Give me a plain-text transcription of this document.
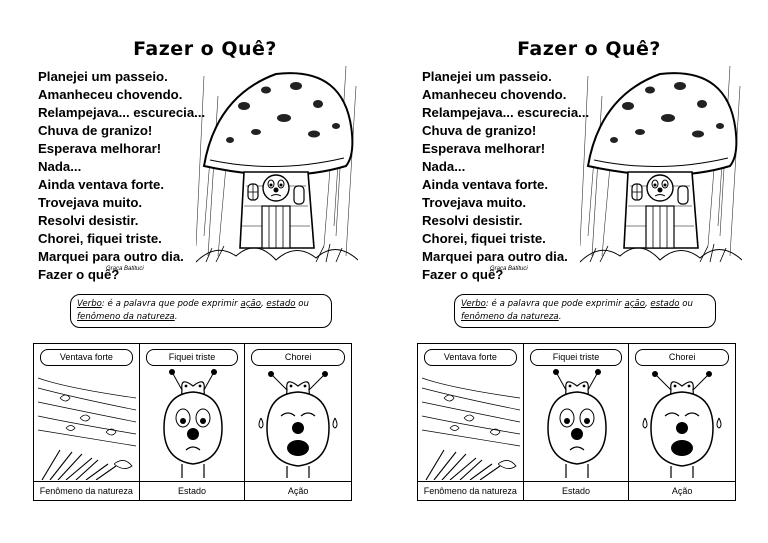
Fazer o Quê?
Planejei um passeio.
Amanheceu chovendo.
Relampejava... escurecia...
Chuva de granizo!
Esperava melhorar!
Nada...
Ainda ventava forte.
Trovejava muito.
Resolvi desistir.
Chorei, fiquei triste.
Marquei para outro dia.
Fazer o quê?
Graça Batituci
Verbo: é a palavra que pode exprimir ação, estado ou
fenômeno da natureza.
Ventava forte
Fenômeno da natureza
Fiquei triste
Estado
Chorei
Ação
Fazer o Quê?
Planejei um passeio.
Amanheceu chovendo.
Relampejava... escurecia...
Chuva de granizo!
Esperava melhorar!
Nada...
Ainda ventava forte.
Trovejava muito.
Resolvi desistir.
Chorei, fiquei triste.
Marquei para outro dia.
Fazer o quê?
Graça Batituci
Verbo: é a palavra que pode exprimir ação, estado ou
fenômeno da natureza.
Ventava forte
Fenômeno da natureza
Fiquei triste
Estado
Chorei
Ação
